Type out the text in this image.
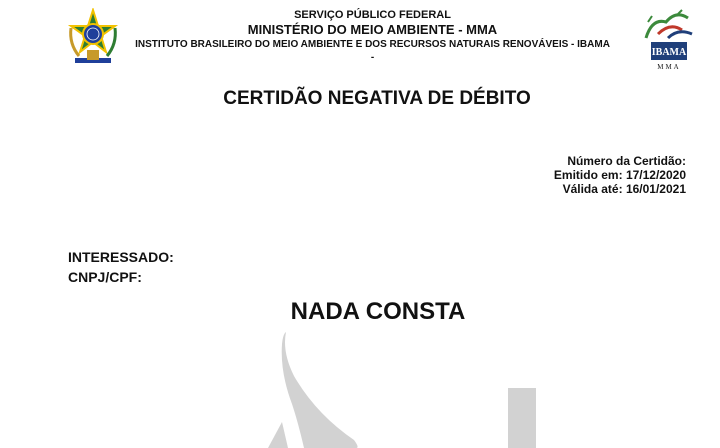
SERVIÇO PÚBLICO FEDERAL
MINISTÉRIO DO MEIO AMBIENTE - MMA
INSTITUTO BRASILEIRO DO MEIO AMBIENTE E DOS RECURSOS NATURAIS RENOVÁVEIS - IBAMA
-	IBAMA
MMA
CERTIDÃO NEGATIVA DE DÉBITO
Número da Certidão:
Emitido em: 17/12/2020
Válida até: 16/01/2021
INTERESSADO:
CNPJ/CPF:
NADA CONSTA
